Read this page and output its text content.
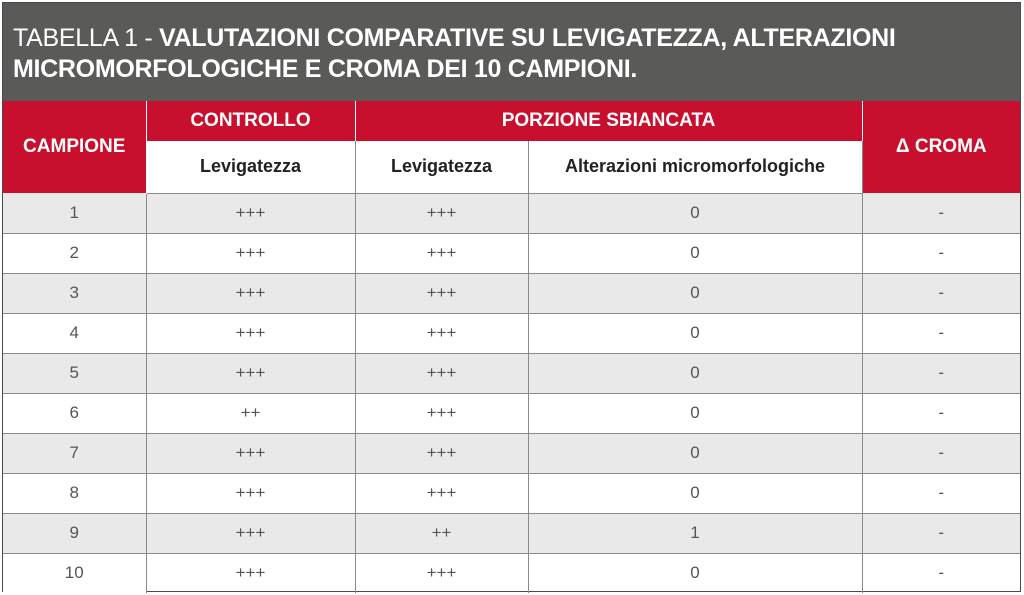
TABELLA 1 - VALUTAZIONI COMPARATIVE SU LEVIGATEZZA, ALTERAZIONI
MICROMORFOLOGICHE E CROMA DEI 10 CAMPIONI.
CAMPIONE	CONTROLLO	PORZIONE SBIANCATA		Δ CROMA
	Levigatezza	Levigatezza	Alterazioni micromorfologiche	
1	+++	+++	0	-
2	+++	+++	0	-
3	+++	+++	0	-
4	+++	+++	0	-
5	+++	+++	0	-
6	++	+++	0	-
7	+++	+++	0	-
8	+++	+++	0	-
9	+++	++	1	-
10	+++	+++	0	-
